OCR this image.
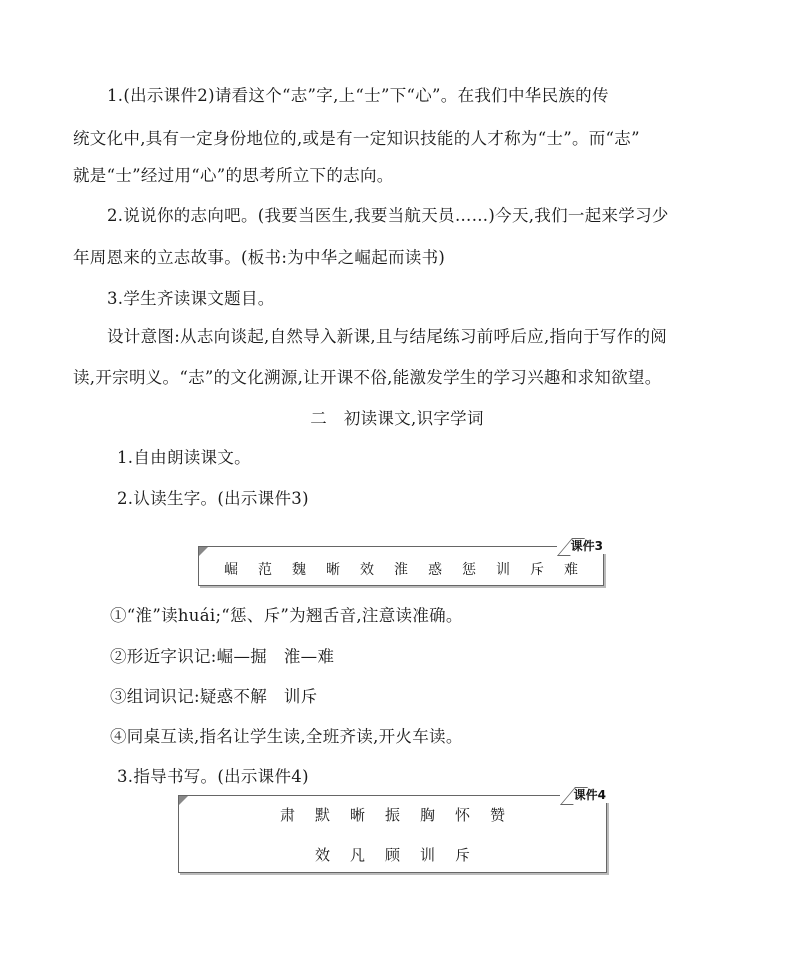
1.(出示课件2)请看这个“志”字,上“士”下“心”。在我们中华民族的传
统文化中,具有一定身份地位的,或是有一定知识技能的人才称为“士”。而“志”
就是“士”经过用“心”的思考所立下的志向。
2.说说你的志向吧。(我要当医生,我要当航天员……)今天,我们一起来学习少
年周恩来的立志故事。(板书:为中华之崛起而读书)
3.学生齐读课文题目。
设计意图:从志向谈起,自然导入新课,且与结尾练习前呼后应,指向于写作的阅
读,开宗明义。“志”的文化溯源,让开课不俗,能激发学生的学习兴趣和求知欲望。
二　初读课文,识字学词
1.自由朗读课文。
2.认读生字。(出示课件3)
课件3
崛 范 魏 晰 效 淮 惑 惩 训 斥 难
①“淮”读huái;“惩、斥”为翘舌音,注意读准确。
②形近字识记:崛—掘　淮—难
③组词识记:疑惑不解　训斥
④同桌互读,指名让学生读,全班齐读,开火车读。
3.指导书写。(出示课件4)
课件4
肃 默 晰 振 胸 怀 赞
效 凡 顾 训 斥
